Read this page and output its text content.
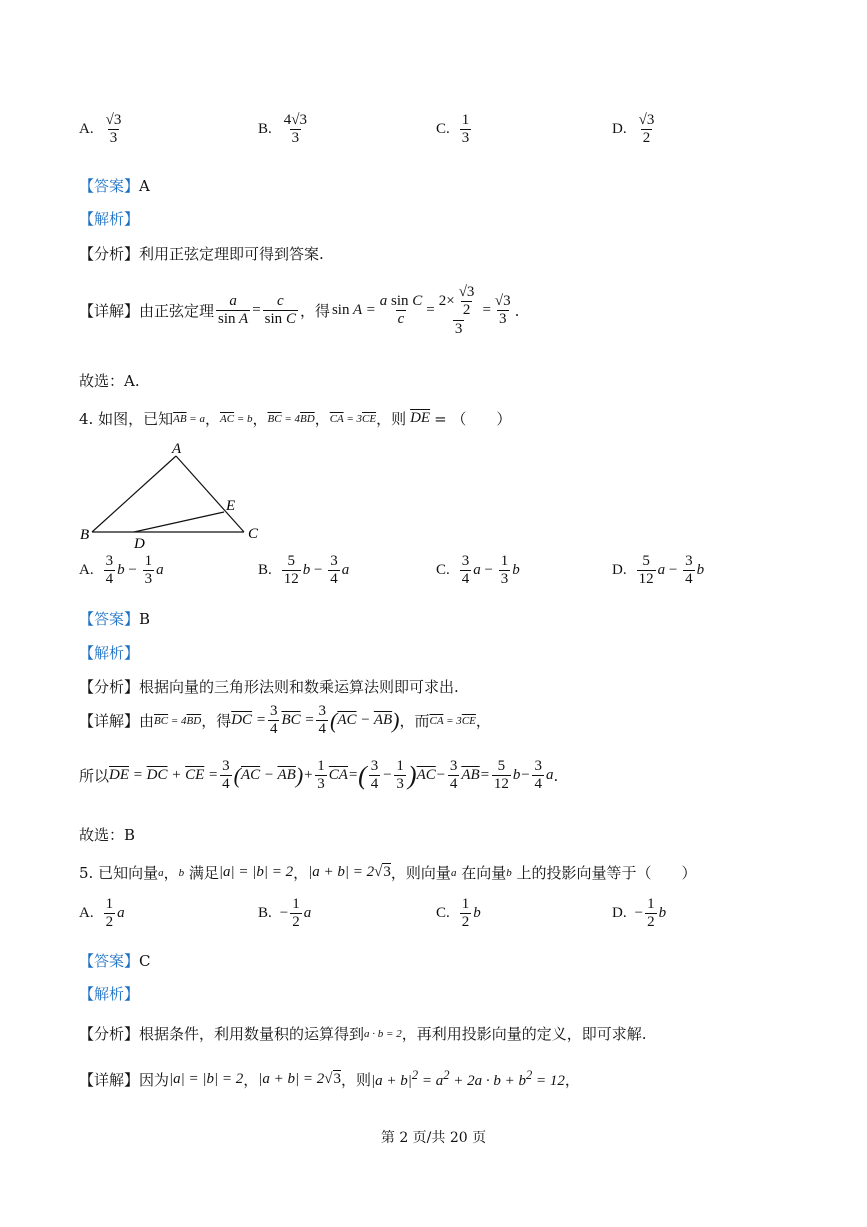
A. $\frac{√3}{3}$	B. $\frac{4√3}{3}$	C. $\frac{1}{3}$	D. $\frac{√3}{2}$
【答案】A
【解析】
【分析】利用正弦定理即可得到答案.
【详解】 由正弦定理 $\frac{a}{\text{sin A}} = \frac{c}{\text{sin C}}$ ，得 $\sin A = \frac{\text{a sin C}}{c} = \frac{2\times \frac{√3}{2}}{3} = \frac{√3}{3}$ .
故选：A.
4. 如图，已知 $\overline{AB} = a$ ， $\overline{AC} = b$ ， $\overline{BC} = 4\overline{BD}$ ， $\overline{CA} = 3\overline{CE}$ ，则 $\overline{DE}$ = （　　）
A
B	C
D
E
A. $\frac{3}{4}$ b
−
$\frac{1}{3}$ a	B. $\frac{5}{12}$ b
−
$\frac{3}{4}$ a	C. $\frac{3}{4}$ a
−
$\frac{1}{3}$ b	D. $\frac{5}{12}$ a
−
$\frac{3}{4}$ b
【答案】B
【解析】
【分析】根据向量的三角形法则和数乘运算法则即可求出.
【详解】 由 $\overline{BC} = 4\overline{BD}$ ，得 $\overline{DC} = \frac{3}{4} \overline{BC} = \frac{3}{4}$ ( $\overline{AC} - \overline{AB}$ ) ，而 $\overline{CA} = 3\overline{CE}$ ，
所以 $\overline{DE} = \overline{DC} + \overline{CE} = \frac{3}{4}$ ( $\overline{AC} - \overline{AB}$ ) + $\frac{1}{3} \overline{CA}$ = ( $\frac{3}{4} - \frac{1}{3}$ ) $\overline{AC} - \frac{3}{4} \overline{AB} = \frac{5}{12}$ $b - \frac{3}{4}$ a .
故选：B
5. 已知向量 a ， b
满足 |a| = |b| = 2 ， |a + b| = 2√3 ， 则向量 a
在向量 b
上的投影向量等于（　　）
A. $\frac{1}{2}$ a	B. − $\frac{1}{2}$ a	C. $\frac{1}{2}$ b	D. − $\frac{1}{2}$ b
【答案】C
【解析】
【分析】 根据条件，利用数量积的运算得到 a · b = 2 ，再利用投影向量的定义，即可求解.
【详解】 因为 |a| = |b| = 2 ， |a + b| = 2√3 ，则 $|a + b|^2 = a^2 + 2a \cdot b + b^2 = 12$ ，
第 2 页/共 20 页
